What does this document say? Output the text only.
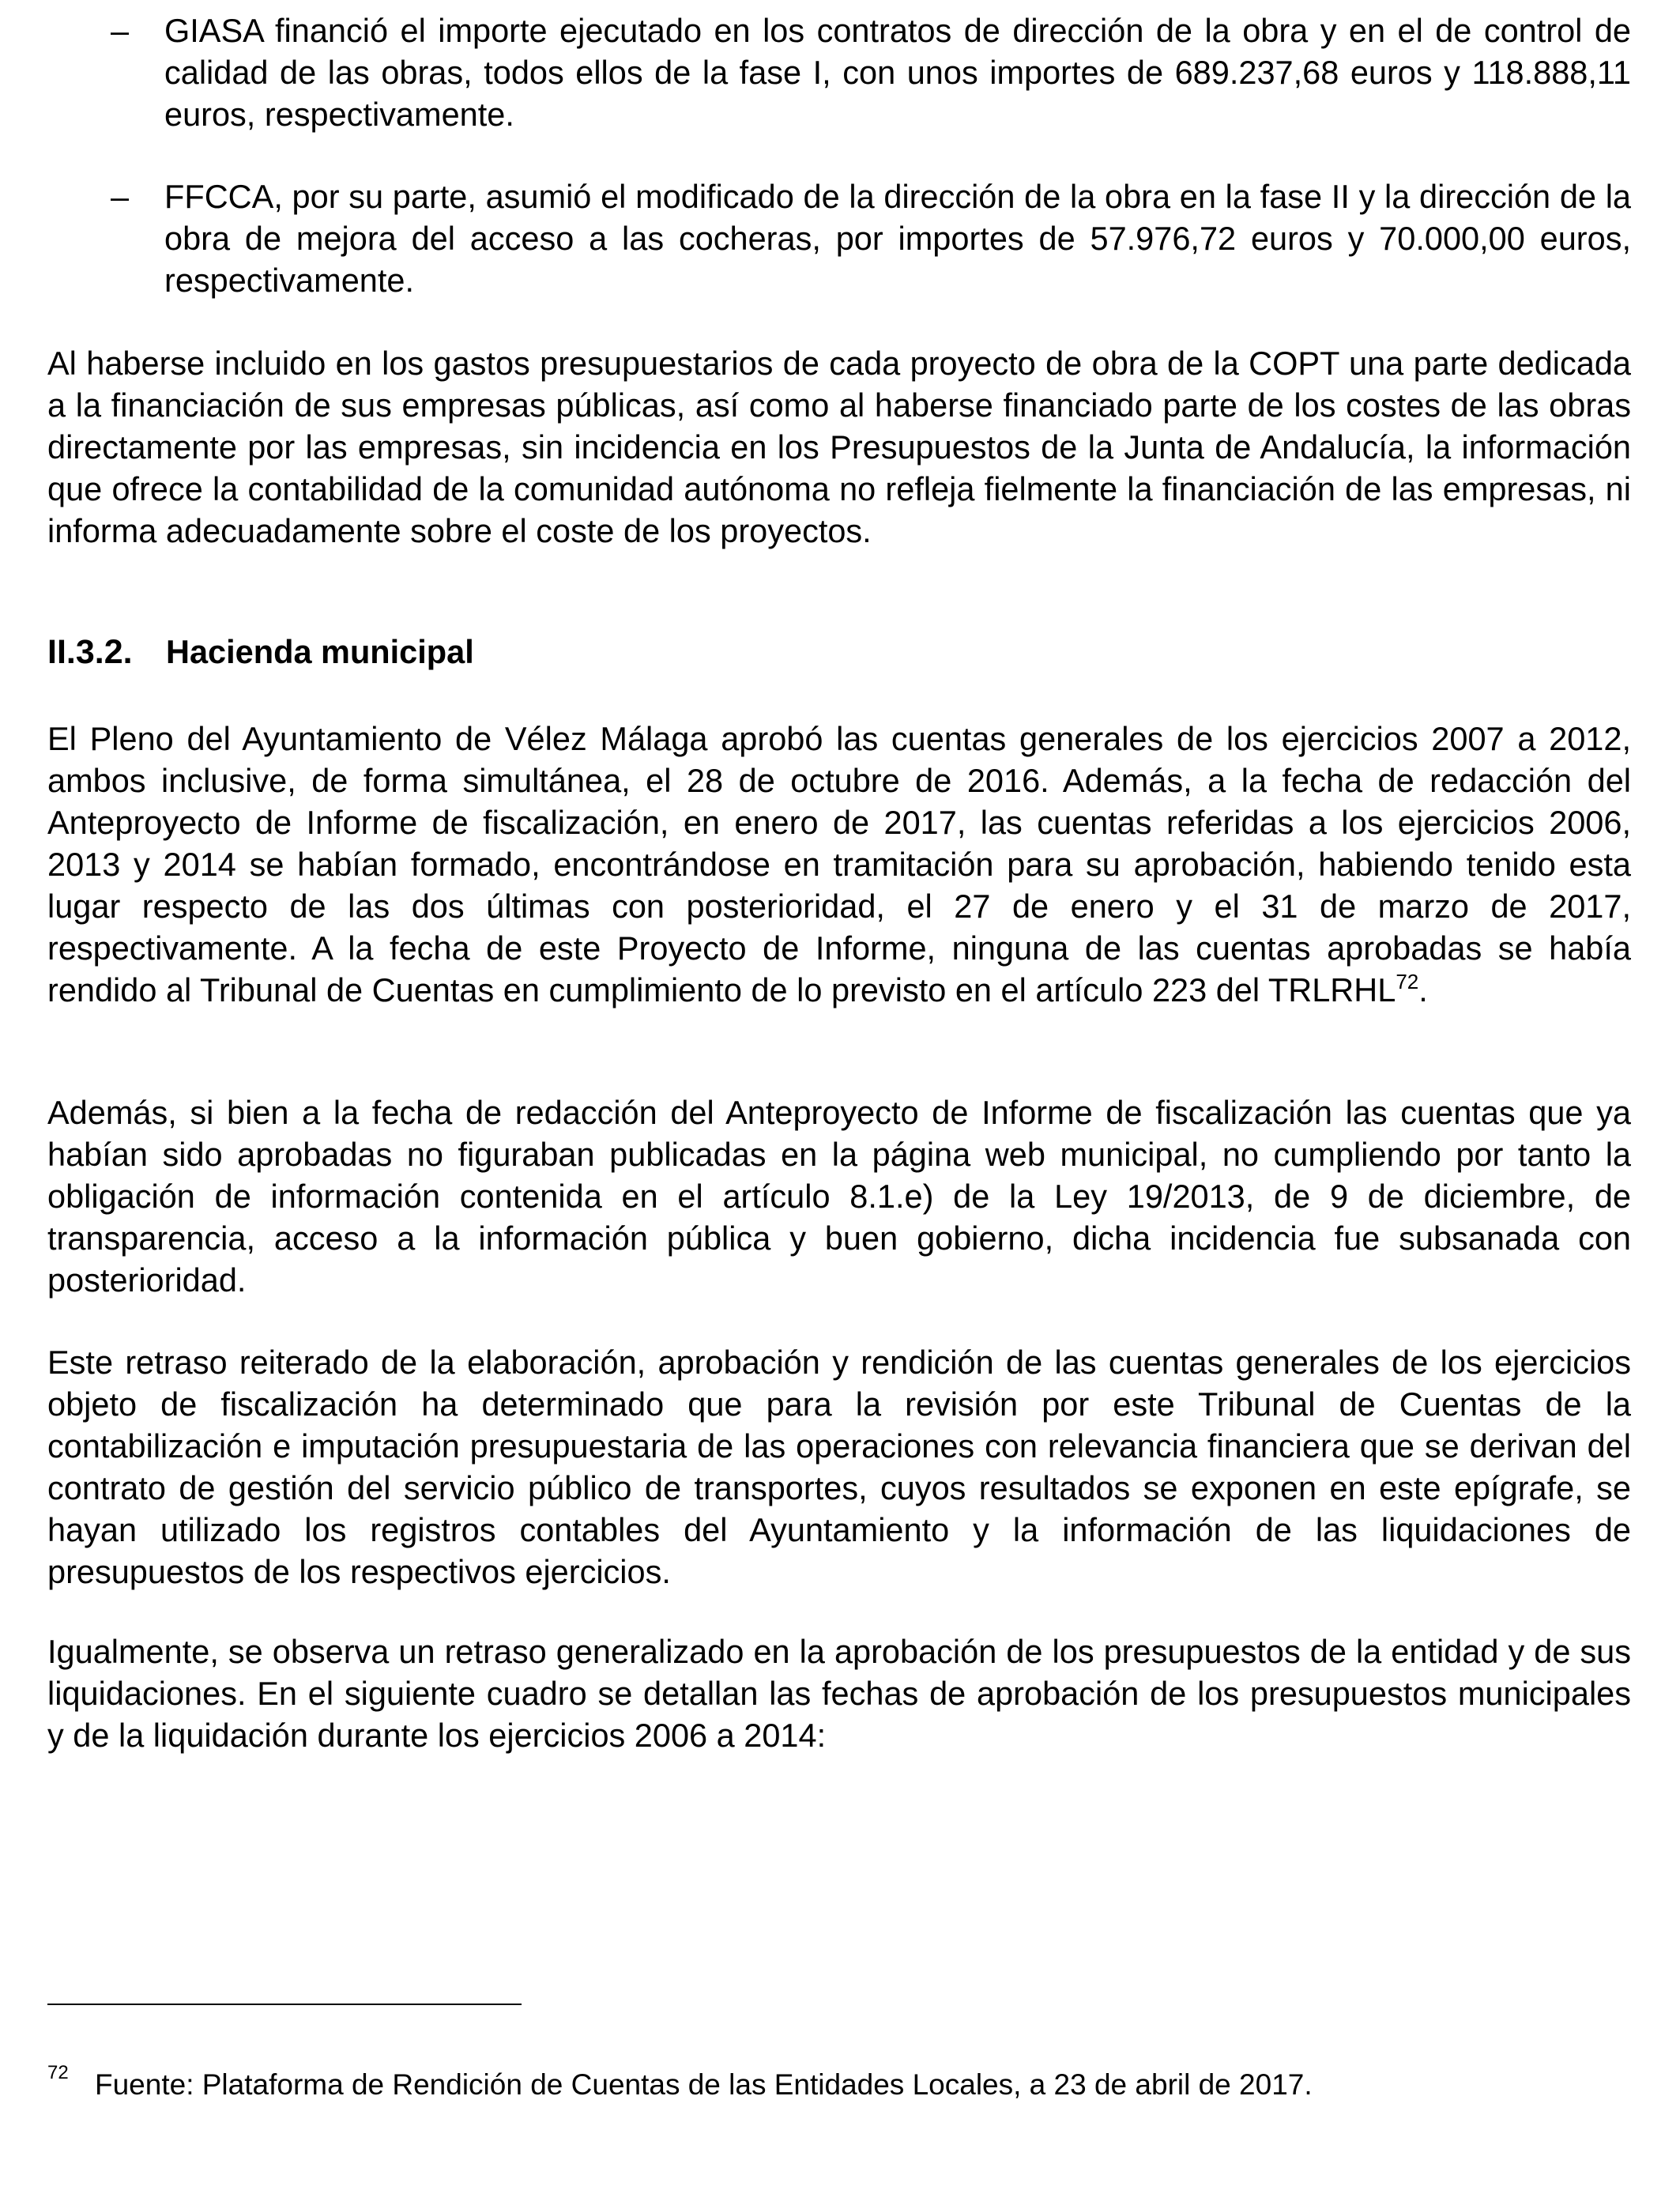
– GIASA financió el importe ejecutado en los contratos de dirección de la obra y en el de control de calidad de las obras, todos ellos de la fase I, con unos importes de 689.237,68 euros y 118.888,11 euros, respectivamente.

– FFCCA, por su parte, asumió el modificado de la dirección de la obra en la fase II y la dirección de la obra de mejora del acceso a las cocheras, por importes de 57.976,72 euros y 70.000,00 euros, respectivamente.

Al haberse incluido en los gastos presupuestarios de cada proyecto de obra de la COPT una parte dedicada a la financiación de sus empresas públicas, así como al haberse financiado parte de los costes de las obras directamente por las empresas, sin incidencia en los Presupuestos de la Junta de Andalucía, la información que ofrece la contabilidad de la comunidad autónoma no refleja fielmente la financiación de las empresas, ni informa adecuadamente sobre el coste de los proyectos.

II.3.2. Hacienda municipal

El Pleno del Ayuntamiento de Vélez Málaga aprobó las cuentas generales de los ejercicios 2007 a 2012, ambos inclusive, de forma simultánea, el 28 de octubre de 2016. Además, a la fecha de redacción del Anteproyecto de Informe de fiscalización, en enero de 2017, las cuentas referidas a los ejercicios 2006, 2013 y 2014 se habían formado, encontrándose en tramitación para su aprobación, habiendo tenido esta lugar respecto de las dos últimas con posterioridad, el 27 de enero y el 31 de marzo de 2017, respectivamente. A la fecha de este Proyecto de Informe, ninguna de las cuentas aprobadas se había rendido al Tribunal de Cuentas en cumplimiento de lo previsto en el artículo 223 del TRLRHL$^{72}$.

Además, si bien a la fecha de redacción del Anteproyecto de Informe de fiscalización las cuentas que ya habían sido aprobadas no figuraban publicadas en la página web municipal, no cumpliendo por tanto la obligación de información contenida en el artículo 8.1.e) de la Ley 19/2013, de 9 de diciembre, de transparencia, acceso a la información pública y buen gobierno, dicha incidencia fue subsanada con posterioridad.

Este retraso reiterado de la elaboración, aprobación y rendición de las cuentas generales de los ejercicios objeto de fiscalización ha determinado que para la revisión por este Tribunal de Cuentas de la contabilización e imputación presupuestaria de las operaciones con relevancia financiera que se derivan del contrato de gestión del servicio público de transportes, cuyos resultados se exponen en este epígrafe, se hayan utilizado los registros contables del Ayuntamiento y la información de las liquidaciones de presupuestos de los respectivos ejercicios.

Igualmente, se observa un retraso generalizado en la aprobación de los presupuestos de la entidad y de sus liquidaciones. En el siguiente cuadro se detallan las fechas de aprobación de los presupuestos municipales y de la liquidación durante los ejercicios 2006 a 2014:

72 Fuente: Plataforma de Rendición de Cuentas de las Entidades Locales, a 23 de abril de 2017.
